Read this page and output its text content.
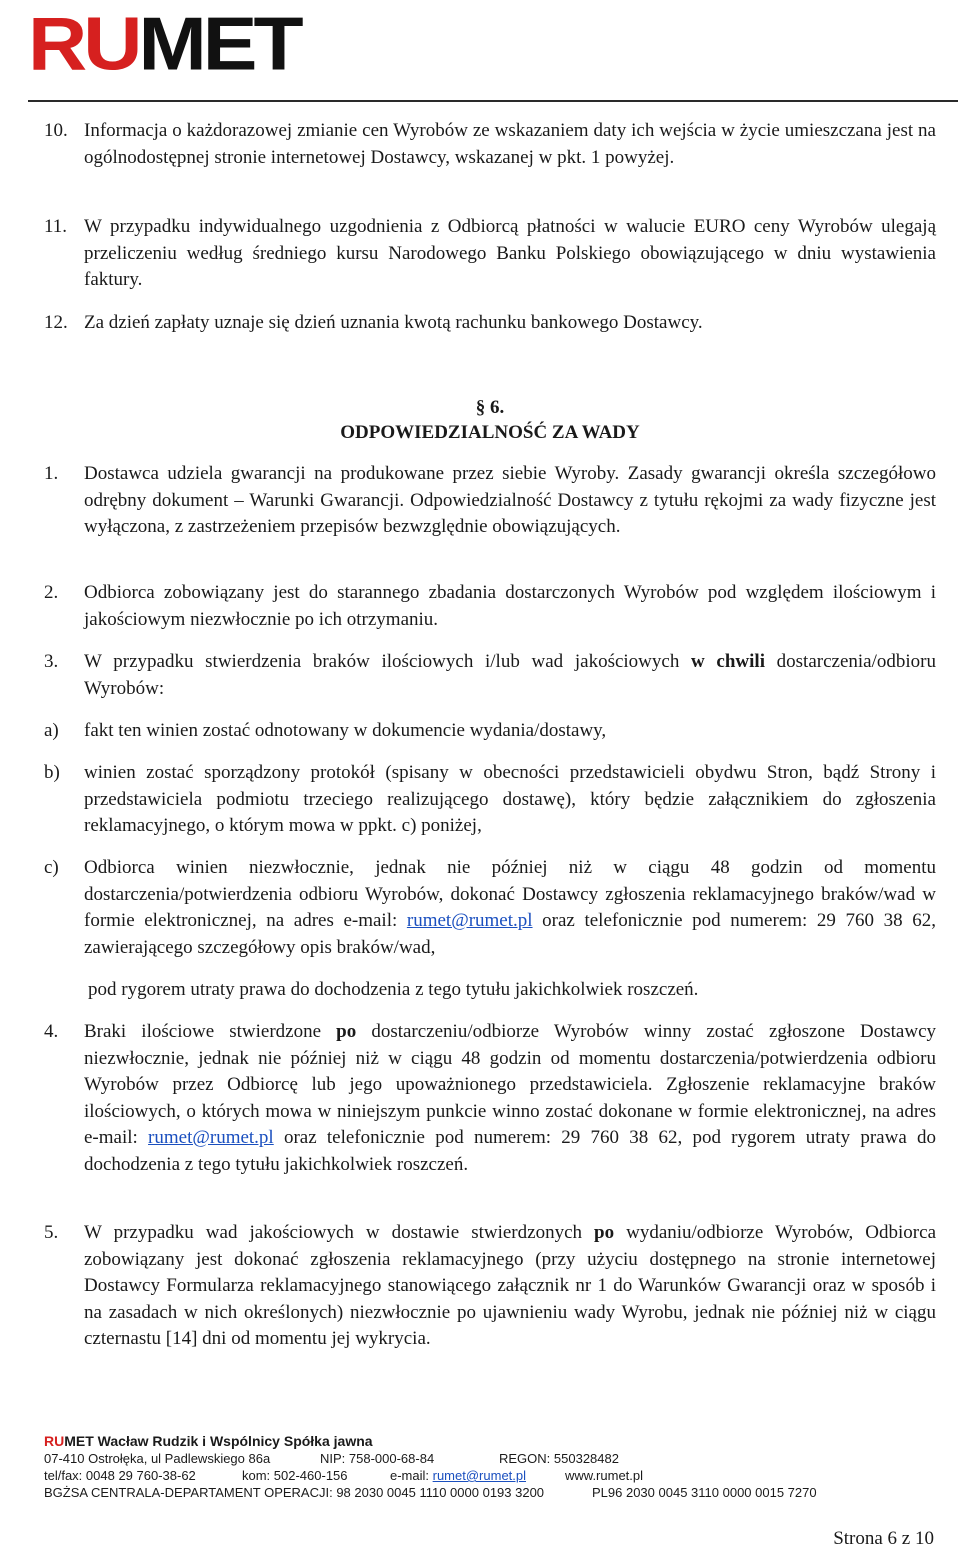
RU MET

10. Informacja o każdorazowej zmianie cen Wyrobów ze wskazaniem daty ich wejścia w życie umieszczana jest na ogólnodostępnej stronie internetowej Dostawcy, wskazanej w pkt. 1 powyżej.

11. W przypadku indywidualnego uzgodnienia z Odbiorcą płatności w walucie EURO ceny Wyrobów ulegają przeliczeniu według średniego kursu Narodowego Banku Polskiego obowiązującego w dniu wystawienia faktury.

12. Za dzień zapłaty uznaje się dzień uznania kwotą rachunku bankowego Dostawcy.

§ 6.

ODPOWIEDZIALNOŚĆ ZA WADY

1. Dostawca udziela gwarancji na produkowane przez siebie Wyroby. Zasady gwarancji określa szczegółowo odrębny dokument – Warunki Gwarancji. Odpowiedzialność Dostawcy z tytułu rękojmi za wady fizyczne jest wyłączona, z zastrzeżeniem przepisów bezwzględnie obowiązujących.

2. Odbiorca zobowiązany jest do starannego zbadania dostarczonych Wyrobów pod względem ilościowym i jakościowym niezwłocznie po ich otrzymaniu.

3. W przypadku stwierdzenia braków ilościowych i/lub wad jakościowych w chwili dostarczenia/odbioru Wyrobów:

a) fakt ten winien zostać odnotowany w dokumencie wydania/dostawy,

b) winien zostać sporządzony protokół (spisany w obecności przedstawicieli obydwu Stron, bądź Strony i przedstawiciela podmiotu trzeciego realizującego dostawę), który będzie załącznikiem do zgłoszenia reklamacyjnego, o którym mowa w ppkt. c) poniżej,

c) Odbiorca winien niezwłocznie, jednak nie później niż w ciągu 48 godzin od momentu dostarczenia/potwierdzenia odbioru Wyrobów, dokonać Dostawcy zgłoszenia reklamacyjnego braków/wad w formie elektronicznej, na adres e-mail: rumet@rumet.pl oraz telefonicznie pod numerem: 29 760 38 62, zawierającego szczegółowy opis braków/wad,

pod rygorem utraty prawa do dochodzenia z tego tytułu jakichkolwiek roszczeń.

4. Braki ilościowe stwierdzone po dostarczeniu/odbiorze Wyrobów winny zostać zgłoszone Dostawcy niezwłocznie, jednak nie później niż w ciągu 48 godzin od momentu dostarczenia/potwierdzenia odbioru Wyrobów przez Odbiorcę lub jego upoważnionego przedstawiciela. Zgłoszenie reklamacyjne braków ilościowych, o których mowa w niniejszym punkcie winno zostać dokonane w formie elektronicznej, na adres e-mail: rumet@rumet.pl oraz telefonicznie pod numerem: 29 760 38 62, pod rygorem utraty prawa do dochodzenia z tego tytułu jakichkolwiek roszczeń.

5. W przypadku wad jakościowych w dostawie stwierdzonych po wydaniu/odbiorze Wyrobów, Odbiorca zobowiązany jest dokonać zgłoszenia reklamacyjnego (przy użyciu dostępnego na stronie internetowej Dostawcy Formularza reklamacyjnego stanowiącego załącznik nr 1 do Warunków Gwarancji oraz w sposób i na zasadach w nich określonych) niezwłocznie po ujawnieniu wady Wyrobu, jednak nie później niż w ciągu czternastu [14] dni od momentu jej wykrycia.

RUMET Wacław Rudzik i Wspólnicy Spółka jawna
07-410 Ostrołęka, ul Padlewskiego 86a	NIP: 758-000-68-84	REGON: 550328482
tel/fax: 0048 29 760-38-62	kom: 502-460-156	e-mail: rumet@rumet.pl	www.rumet.pl
BGŻSA CENTRALA-DEPARTAMENT OPERACJI: 98 2030 0045 1110 0000 0193 3200	PL96 2030 0045 3110 0000 0015 7270
Strona 6 z 10
